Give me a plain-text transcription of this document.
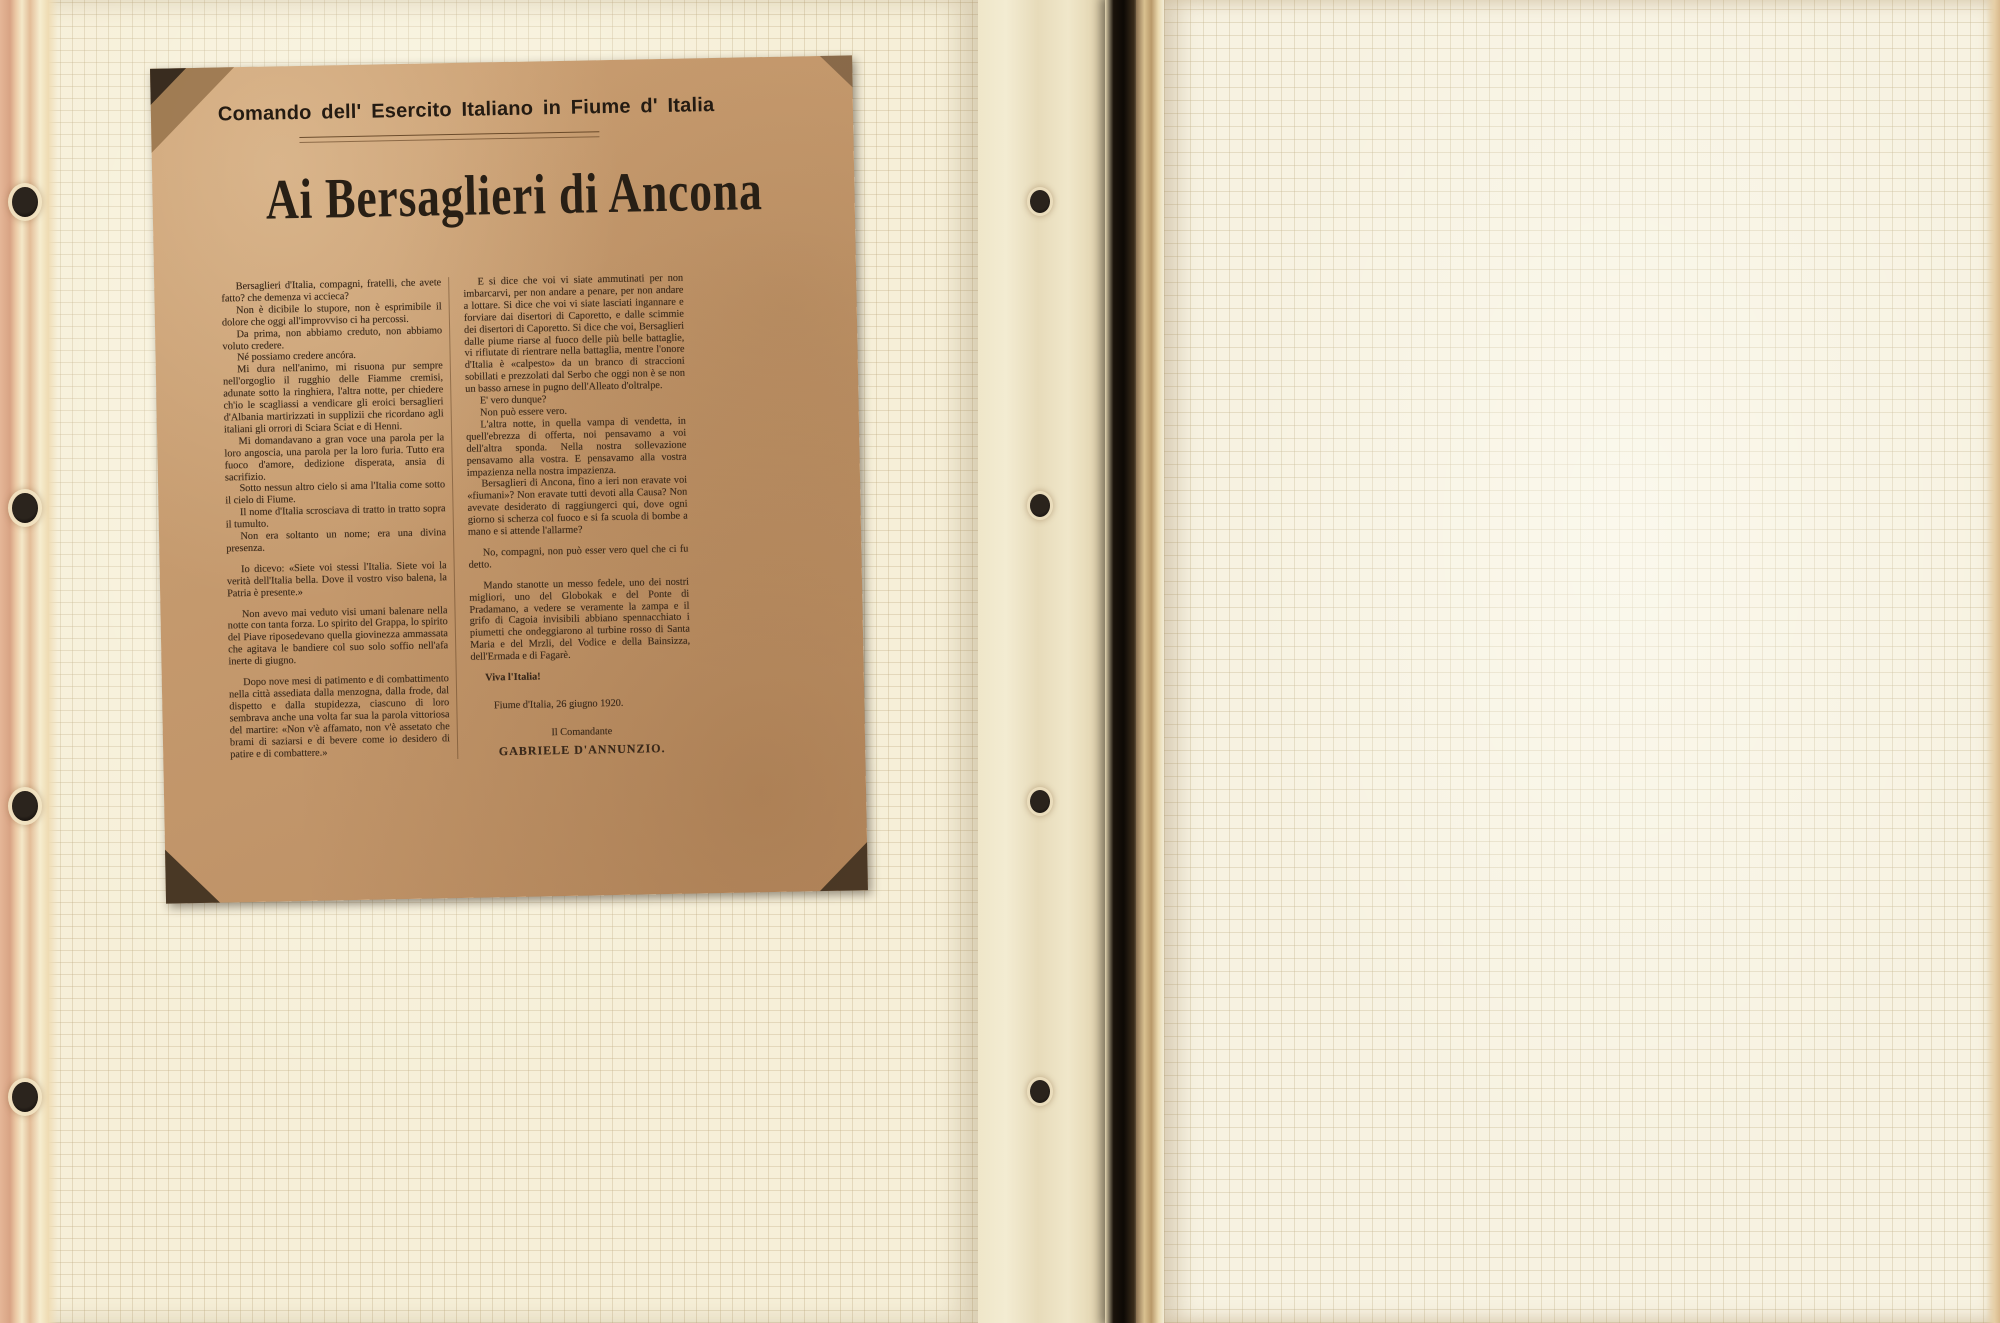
Comando dell' Esercito Italiano in Fiume d' Italia
Ai Bersaglieri di Ancona

Bersaglieri d'Italia, compagni, fratelli, che avete fatto? che demenza vi accieca?

Non è dicibile lo stupore, non è esprimibile il dolore che oggi all'improvviso ci ha percossi.

Da prima, non abbiamo creduto, non abbiamo voluto credere.

Né possiamo credere ancóra.

Mi dura nell'animo, mi risuona pur sempre nell'orgoglio il rugghio delle Fiamme cremisi, adunate sotto la ringhiera, l'altra notte, per chiedere ch'io le scagliassi a vendicare gli eroici bersaglieri d'Albania martirizzati in supplizii che ricordano agli italiani gli orrori di Sciara Sciat e di Henni.

Mi domandavano a gran voce una parola per la loro angoscia, una parola per la loro furia. Tutto era fuoco d'amore, dedizione disperata, ansia di sacrifizio.

Sotto nessun altro cielo si ama l'Italia come sotto il cielo di Fiume.

Il nome d'Italia scrosciava di tratto in tratto sopra il tumulto.

Non era soltanto un nome; era una divina presenza.

Io dicevo: «Siete voi stessi l'Italia. Siete voi la verità dell'Italia bella. Dove il vostro viso balena, la Patria è presente.»

Non avevo mai veduto visi umani balenare nella notte con tanta forza. Lo spirito del Grappa, lo spirito del Piave riposedevano quella giovinezza ammassata che agitava le bandiere col suo solo soffio nell'afa inerte di giugno.

Dopo nove mesi di patimento e di combattimento nella città assediata dalla menzogna, dalla frode, dal dispetto e dalla stupidezza, ciascuno di loro sembrava anche una volta far sua la parola vittoriosa del martire: «Non v'è affamato, non v'è assetato che brami di saziarsi e di bevere come io desidero di patire e di combattere.»

E si dice che voi vi siate ammutinati per non imbarcarvi, per non andare a penare, per non andare a lottare. Si dice che voi vi siate lasciati ingannare e forviare dai disertori di Caporetto, e dalle scimmie dei disertori di Caporetto. Si dice che voi, Bersaglieri dalle piume riarse al fuoco delle più belle battaglie, vi rifiutate di rientrare nella battaglia, mentre l'onore d'Italia è «calpesto» da un branco di straccioni sobillati e prezzolati dal Serbo che oggi non è se non un basso arnese in pugno dell'Alleato d'oltralpe.

E' vero dunque?

Non può essere vero.

L'altra notte, in quella vampa di vendetta, in quell'ebrezza di offerta, noi pensavamo a voi dell'altra sponda. Nella nostra sollevazione pensavamo alla vostra. E pensavamo alla vostra impazienza nella nostra impazienza.

Bersaglieri di Ancona, fino a ieri non eravate voi «fiumani»? Non eravate tutti devoti alla Causa? Non avevate desiderato di raggiungerci qui, dove ogni giorno si scherza col fuoco e si fa scuola di bombe a mano e si attende l'allarme?

No, compagni, non può esser vero quel che ci fu detto.

Mando stanotte un messo fedele, uno dei nostri migliori, uno del Globokak e del Ponte di Pradamano, a vedere se veramente la zampa e il grifo di Cagoia invisibili abbiano spennacchiato i piumetti che ondeggiarono al turbine rosso di Santa Maria e del Mrzli, del Vodice e della Bainsizza, dell'Ermada e di Fagarè.

Viva l'Italia!

Fiume d'Italia, 26 giugno 1920.

Il Comandante

GABRIELE D'ANNUNZIO.
